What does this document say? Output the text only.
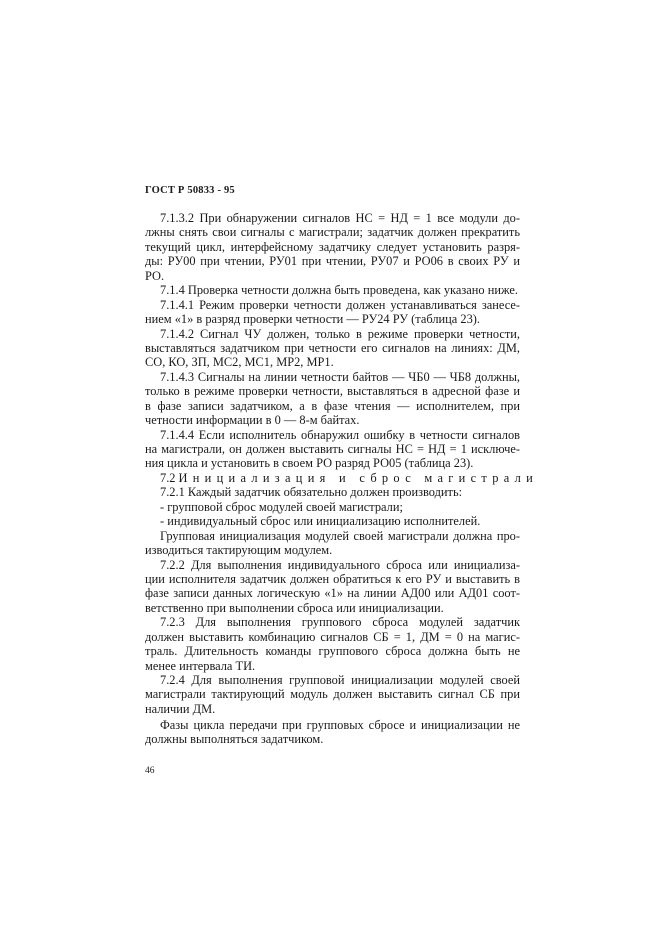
ГОСТ Р 50833 - 95
7.1.3.2 При обнаружении сигналов НС = НД = 1 все модули до-
лжны снять свои сигналы с магистрали; задатчик должен прекратить
текущий цикл, интерфейсному задатчику следует установить разря-
ды: РУ00 при чтении, РУ01 при чтении, РУ07 и РО06 в своих РУ и
РО.
7.1.4 Проверка четности должна быть проведена, как указано ниже.
7.1.4.1 Режим проверки четности должен устанавливаться занесе-
нием «1» в разряд проверки четности — РУ24 РУ (таблица 23).
7.1.4.2 Сигнал ЧУ должен, только в режиме проверки четности,
выставляться задатчиком при четности его сигналов на линиях: ДМ,
СО, КО, ЗП, МС2, МС1, МР2, МР1.
7.1.4.3 Сигналы на линии четности байтов — ЧБ0 — ЧБ8 должны,
только в режиме проверки четности, выставляться в адресной фазе и
в фазе записи задатчиком, а в фазе чтения — исполнителем, при
четности информации в 0 — 8-м байтах.
7.1.4.4 Если исполнитель обнаружил ошибку в четности сигналов
на магистрали, он должен выставить сигналы НС = НД = 1 исключе-
ния цикла и установить в своем РО разряд РО05 (таблица 23).
7.2 Инициализация и сброс магистрали
7.2.1 Каждый задатчик обязательно должен производить:
- групповой сброс модулей своей магистрали;
- индивидуальный сброс или инициализацию исполнителей.
Групповая инициализация модулей своей магистрали должна про-
изводиться тактирующим модулем.
7.2.2 Для выполнения индивидуального сброса или инициализа-
ции исполнителя задатчик должен обратиться к его РУ и выставить в
фазе записи данных логическую «1» на линии АД00 или АД01 соот-
ветственно при выполнении сброса или инициализации.
7.2.3 Для выполнения группового сброса модулей задатчик
должен выставить комбинацию сигналов СБ = 1, ДМ = 0 на магис-
траль. Длительность команды группового сброса должна быть не
менее интервала ТИ.
7.2.4 Для выполнения групповой инициализации модулей своей
магистрали тактирующий модуль должен выставить сигнал СБ при
наличии ДМ.
Фазы цикла передачи при групповых сбросе и инициализации не
должны выполняться задатчиком.
46
